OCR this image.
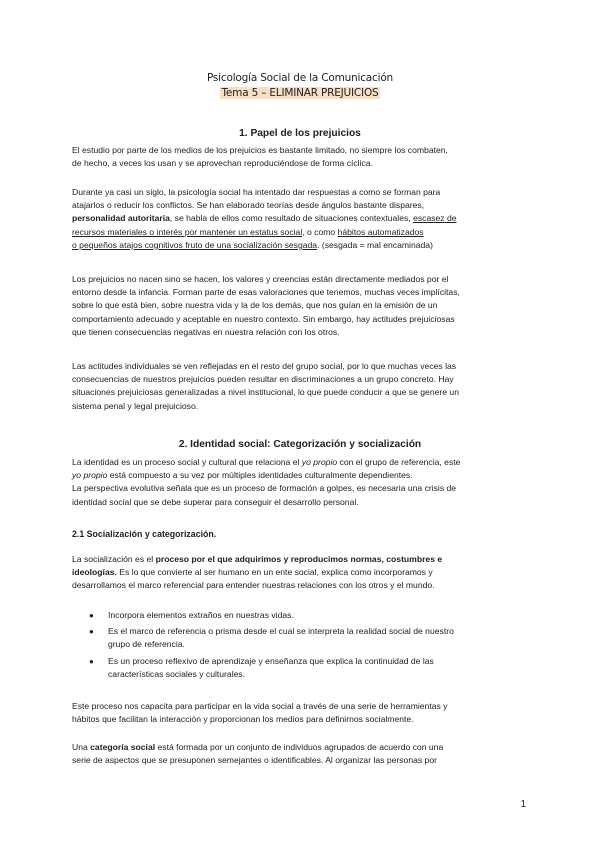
Psicología Social de la Comunicación
Tema 5 – ELIMINAR PREJUICIOS
1. Papel de los prejuicios
El estudio por parte de los medios de los prejuicios es bastante limitado, no siempre los combaten,
de hecho, a veces los usan y se aprovechan reproduciéndose de forma cíclica.
Durante ya casi un siglo, la psicología social ha intentado dar respuestas a como se forman para
atajarlos o reducir los conflictos. Se han elaborado teorías desde ángulos bastante dispares,
personalidad autoritaria, se habla de ellos como resultado de situaciones contextuales, escasez de
recursos materiales o interés por mantener un estatus social, o como hábitos automatizados
o pequeños atajos cognitivos fruto de una socialización sesgada. (sesgada = mal encaminada)
Los prejuicios no nacen sino se hacen, los valores y creencias están directamente mediados por el
entorno desde la infancia. Forman parte de esas valoraciones que tenemos, muchas veces implícitas,
sobre lo que está bien, sobre nuestra vida y la de los demás, que nos guían en la emisión de un
comportamiento adecuado y aceptable en nuestro contexto. Sin embargo, hay actitudes prejuiciosas
que tienen consecuencias negativas en nuestra relación con los otros.
Las actitudes individuales se ven reflejadas en el resto del grupo social, por lo que muchas veces las
consecuencias de nuestros prejuicios pueden resultar en discriminaciones a un grupo concreto. Hay
situaciones prejuiciosas generalizadas a nivel institucional, lo que puede conducir a que se genere un
sistema penal y legal prejuicioso.
2. Identidad social: Categorización y socialización
La identidad es un proceso social y cultural que relaciona el yo propio con el grupo de referencia, este
yo propio está compuesto a su vez por múltiples identidades culturalmente dependientes.
La perspectiva evolutiva señala que es un proceso de formación a golpes, es necesaria una crisis de
identidad social que se debe superar para conseguir el desarrollo personal.
2.1 Socialización y categorización.
La socialización es el proceso por el que adquirimos y reproducimos normas, costumbres e
ideologías. Es lo que convierte al ser humano en un ente social, explica como incorporamos y
desarrollamos el marco referencial para entender nuestras relaciones con los otros y el mundo.
● Incorpora elementos extraños en nuestras vidas.
● Es el marco de referencia o prisma desde el cual se interpreta la realidad social de nuestro
grupo de referencia.
● Es un proceso reflexivo de aprendizaje y enseñanza que explica la continuidad de las
características sociales y culturales.
Este proceso nos capacita para participar en la vida social a través de una serie de herramientas y
hábitos que facilitan la interacción y proporcionan los medios para definirnos socialmente.
Una categoría social está formada por un conjunto de individuos agrupados de acuerdo con una
serie de aspectos que se presuponen semejantes o identificables. Al organizar las personas por
1
